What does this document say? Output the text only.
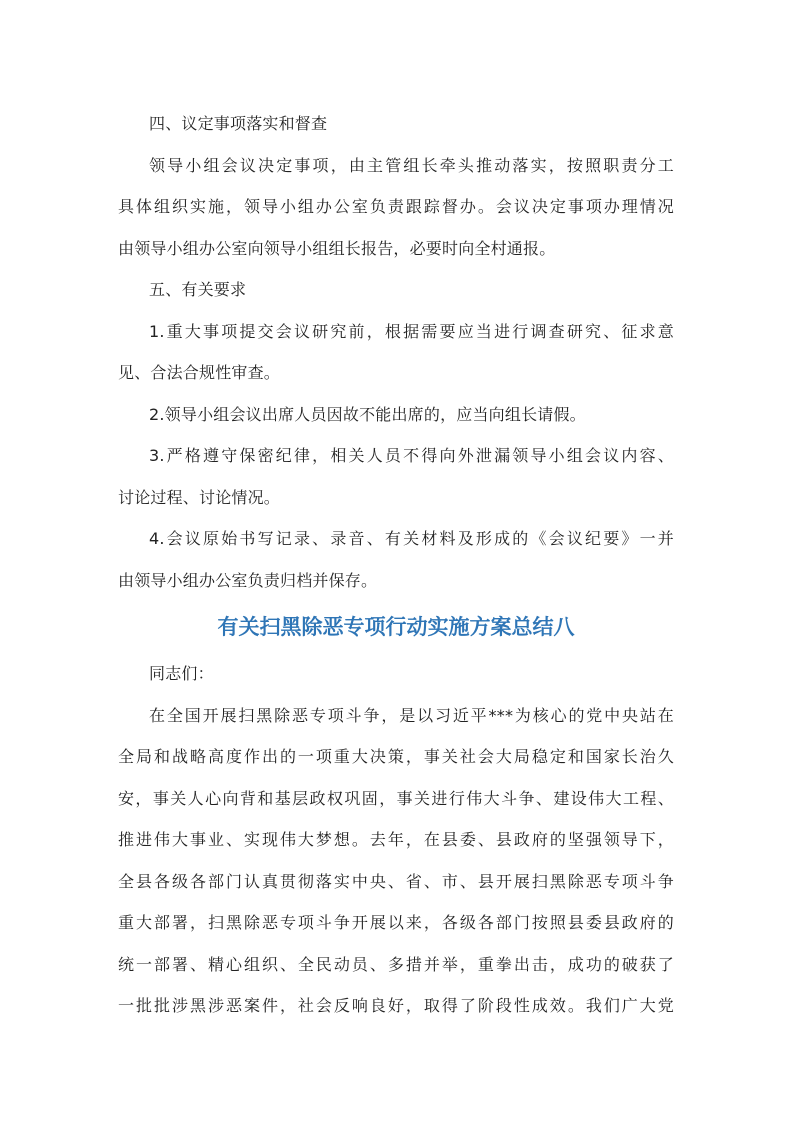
四、议定事项落实和督查

领导小组会议决定事项，由主管组长牵头推动落实，按照职责分工

具体组织实施，领导小组办公室负责跟踪督办。会议决定事项办理情况

由领导小组办公室向领导小组组长报告，必要时向全村通报。

五、有关要求

1.重大事项提交会议研究前，根据需要应当进行调查研究、征求意

见、合法合规性审查。

2.领导小组会议出席人员因故不能出席的，应当向组长请假。

3.严格遵守保密纪律，相关人员不得向外泄漏领导小组会议内容、

讨论过程、讨论情况。

4.会议原始书写记录、录音、有关材料及形成的《会议纪要》一并

由领导小组办公室负责归档并保存。

有关扫黑除恶专项行动实施方案总结八

同志们：

在全国开展扫黑除恶专项斗争，是以习近平***为核心的党中央站在

全局和战略高度作出的一项重大决策，事关社会大局稳定和国家长治久

安，事关人心向背和基层政权巩固，事关进行伟大斗争、建设伟大工程、

推进伟大事业、实现伟大梦想。去年，在县委、县政府的坚强领导下，

全县各级各部门认真贯彻落实中央、省、市、县开展扫黑除恶专项斗争

重大部署，扫黑除恶专项斗争开展以来，各级各部门按照县委县政府的

统一部署、精心组织、全民动员、多措并举，重拳出击，成功的破获了

一批批涉黑涉恶案件，社会反响良好，取得了阶段性成效。我们广大党
